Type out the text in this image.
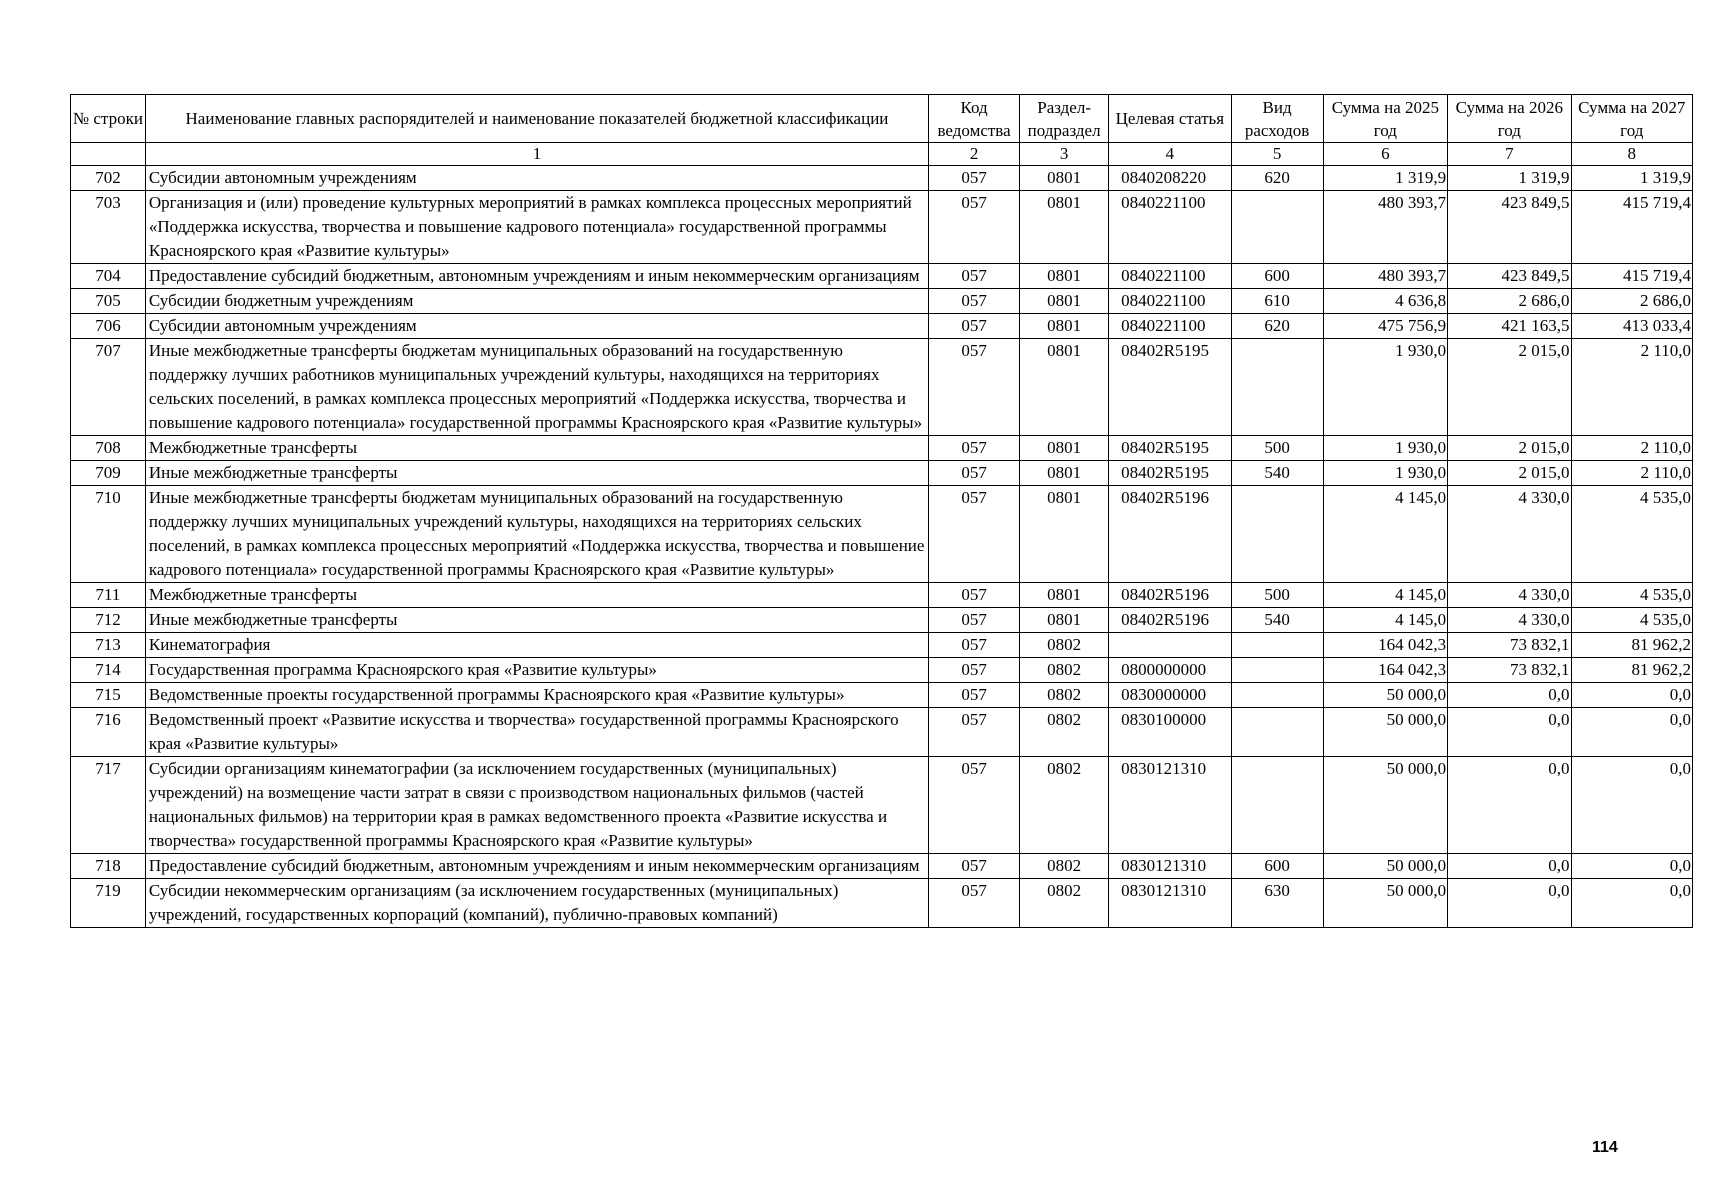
№ строки	Наименование главных распорядителей и наименование показателей бюджетной классификации	Код ведомства	Раздел-подраздел	Целевая статья	Вид расходов	Сумма на 2025 год	Сумма на 2026 год	Сумма на 2027 год
	1	2	3	4	5	6	7	8
702	Субсидии автономным учреждениям	057	0801	0840208220	620	1 319,9	1 319,9	1 319,9
703	Организация и (или) проведение культурных мероприятий в рамках комплекса процессных мероприятий «Поддержка искусства, творчества и повышение кадрового потенциала» государственной программы Красноярского края «Развитие культуры»	057	0801	0840221100		480 393,7	423 849,5	415 719,4
704	Предоставление субсидий бюджетным, автономным учреждениям и иным некоммерческим организациям	057	0801	0840221100	600	480 393,7	423 849,5	415 719,4
705	Субсидии бюджетным учреждениям	057	0801	0840221100	610	4 636,8	2 686,0	2 686,0
706	Субсидии автономным учреждениям	057	0801	0840221100	620	475 756,9	421 163,5	413 033,4
707	Иные межбюджетные трансферты бюджетам муниципальных образований на государственную поддержку лучших работников муниципальных учреждений культуры, находящихся на территориях сельских поселений, в рамках комплекса процессных мероприятий «Поддержка искусства, творчества и повышение кадрового потенциала» государственной программы Красноярского края «Развитие культуры»	057	0801	08402R5195		1 930,0	2 015,0	2 110,0
708	Межбюджетные трансферты	057	0801	08402R5195	500	1 930,0	2 015,0	2 110,0
709	Иные межбюджетные трансферты	057	0801	08402R5195	540	1 930,0	2 015,0	2 110,0
710	Иные межбюджетные трансферты бюджетам муниципальных образований на государственную поддержку лучших муниципальных учреждений культуры, находящихся на территориях сельских поселений, в рамках комплекса процессных мероприятий «Поддержка искусства, творчества и повышение кадрового потенциала» государственной программы Красноярского края «Развитие культуры»	057	0801	08402R5196		4 145,0	4 330,0	4 535,0
711	Межбюджетные трансферты	057	0801	08402R5196	500	4 145,0	4 330,0	4 535,0
712	Иные межбюджетные трансферты	057	0801	08402R5196	540	4 145,0	4 330,0	4 535,0
713	Кинематография	057	0802			164 042,3	73 832,1	81 962,2
714	Государственная программа Красноярского края «Развитие культуры»	057	0802	0800000000		164 042,3	73 832,1	81 962,2
715	Ведомственные проекты государственной программы Красноярского края «Развитие культуры»	057	0802	0830000000		50 000,0	0,0	0,0
716	Ведомственный проект «Развитие искусства и творчества» государственной программы Красноярского края «Развитие культуры»	057	0802	0830100000		50 000,0	0,0	0,0
717	Субсидии организациям кинематографии (за исключением государственных (муниципальных) учреждений) на возмещение части затрат в связи с производством национальных фильмов (частей национальных фильмов) на территории края в рамках ведомственного проекта «Развитие искусства и творчества» государственной программы Красноярского края «Развитие культуры»	057	0802	0830121310		50 000,0	0,0	0,0
718	Предоставление субсидий бюджетным, автономным учреждениям и иным некоммерческим организациям	057	0802	0830121310	600	50 000,0	0,0	0,0
719	Субсидии некоммерческим организациям (за исключением государственных (муниципальных) учреждений, государственных корпораций (компаний), публично-правовых компаний)	057	0802	0830121310	630	50 000,0	0,0	0,0
114
